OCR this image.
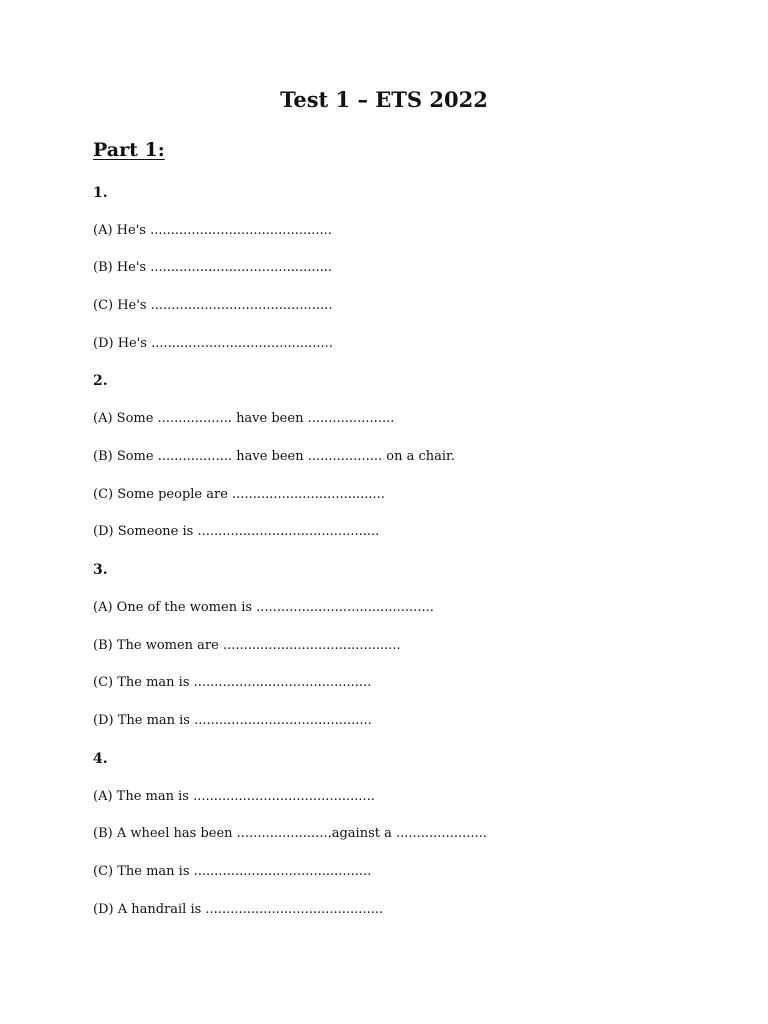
Test 1 – ETS 2022
Part 1:
1.
(A) He's ............................................
(B) He's ............................................
(C) He's ............................................
(D) He's ............................................
2.
(A) Some .................. have been .....................
(B) Some .................. have been .................. on a chair.
(C) Some people are .....................................
(D) Someone is ............................................
3.
(A) One of the women is ...........................................
(B) The women are ...........................................
(C) The man is ...........................................
(D) The man is ...........................................
4.
(A) The man is ............................................
(B) A wheel has been .......................against a ......................
(C) The man is ...........................................
(D) A handrail is ...........................................
